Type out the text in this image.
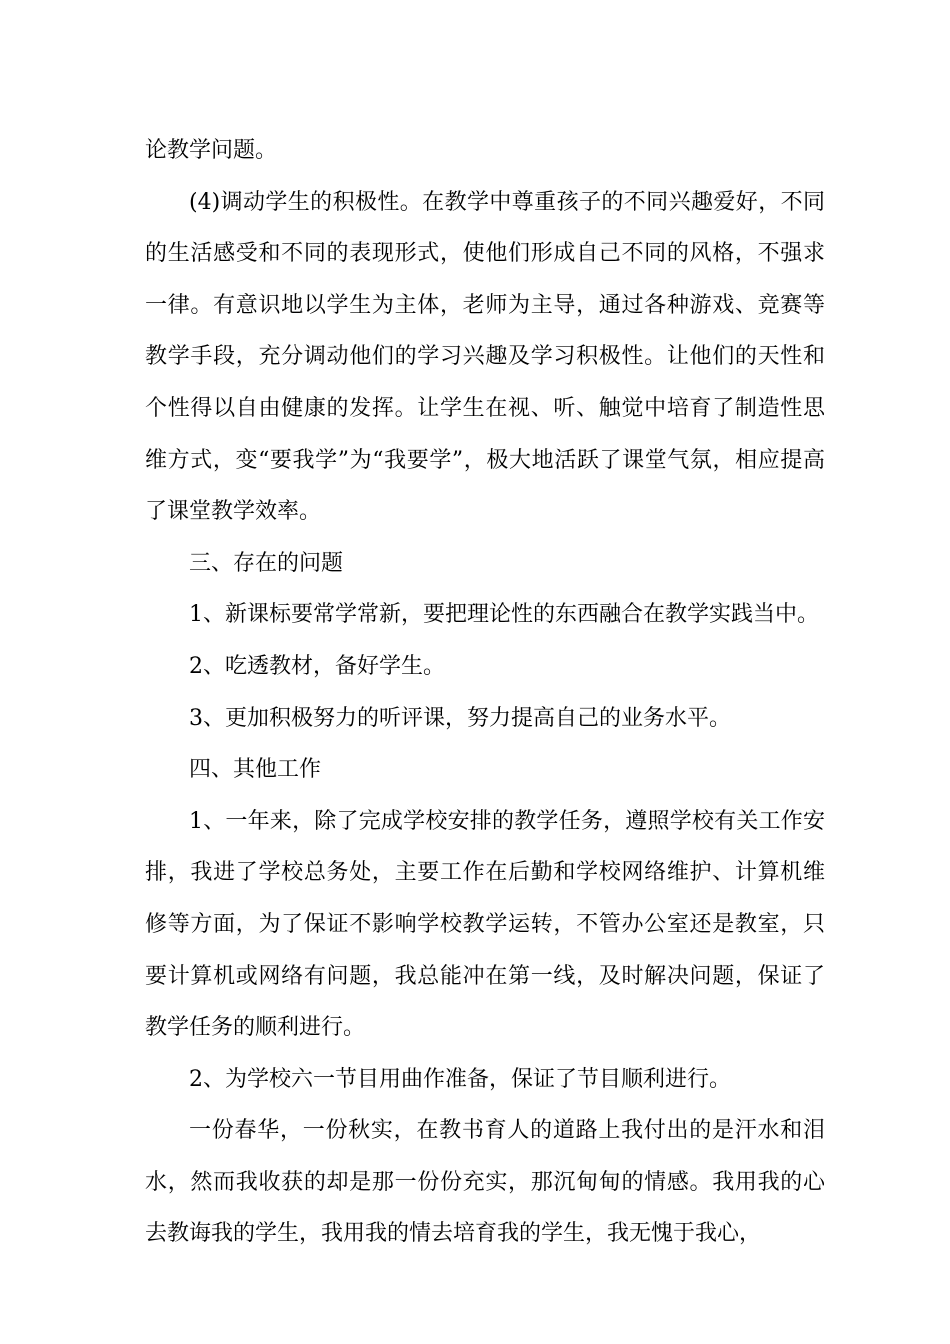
论教学问题。

(4)调动学生的积极性。在教学中尊重孩子的不同兴趣爱好，不同的生活感受和不同的表现形式，使他们形成自己不同的风格，不强求一律。有意识地以学生为主体，老师为主导，通过各种游戏、竞赛等教学手段，充分调动他们的学习兴趣及学习积极性。让他们的天性和个性得以自由健康的发挥。让学生在视、听、触觉中培育了制造性思维方式，变“要我学”为“我要学”，极大地活跃了课堂气氛，相应提高了课堂教学效率。

三、存在的问题

1、新课标要常学常新，要把理论性的东西融合在教学实践当中。

2、吃透教材，备好学生。

3、更加积极努力的听评课，努力提高自己的业务水平。

四、其他工作

1、一年来，除了完成学校安排的教学任务，遵照学校有关工作安排，我进了学校总务处，主要工作在后勤和学校网络维护、计算机维修等方面，为了保证不影响学校教学运转，不管办公室还是教室，只要计算机或网络有问题，我总能冲在第一线，及时解决问题，保证了教学任务的顺利进行。

2、为学校六一节目用曲作准备，保证了节目顺利进行。

一份春华，一份秋实，在教书育人的道路上我付出的是汗水和泪水，然而我收获的却是那一份份充实，那沉甸甸的情感。我用我的心去教诲我的学生，我用我的情去培育我的学生，我无愧于我心，
